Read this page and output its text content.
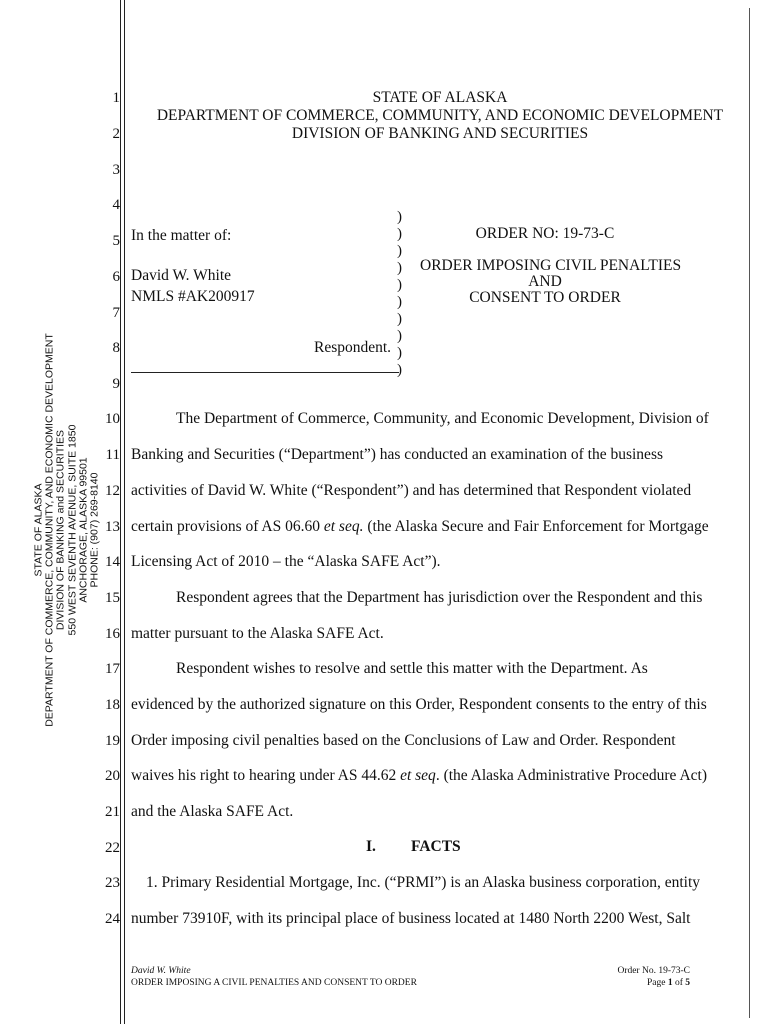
STATE OF ALASKA DEPARTMENT OF COMMERCE, COMMUNITY, AND ECONOMIC DEVELOPMENT DIVISION OF BANKING and SECURITIES 550 WEST SEVENTH AVENUE, SUITE 1850 ANCHORAGE, ALASKA 99501 PHONE: (907) 269-8140
1
2
3
4
5
6
7
8
9
10
11
12
13
14
15
16
17
18
19
20
21
22
23
24
STATE OF ALASKA
DEPARTMENT OF COMMERCE, COMMUNITY, AND ECONOMIC DEVELOPMENT
DIVISION OF BANKING AND SECURITIES
In the matter of:
David W. White
NMLS #AK200917
Respondent.
)
)
)
)
)
)
)
)
)
)
ORDER NO: 19-73-C
ORDER IMPOSING CIVIL PENALTIES
AND
CONSENT TO ORDER
The Department of Commerce, Community, and Economic Development, Division of
Banking and Securities (“Department”) has conducted an examination of the business
activities of David W. White (“Respondent”) and has determined that Respondent violated
certain provisions of AS 06.60 et seq. (the Alaska Secure and Fair Enforcement for Mortgage
Licensing Act of 2010 – the “Alaska SAFE Act”).
Respondent agrees that the Department has jurisdiction over the Respondent and this
matter pursuant to the Alaska SAFE Act.
Respondent wishes to resolve and settle this matter with the Department. As
evidenced by the authorized signature on this Order, Respondent consents to the entry of this
Order imposing civil penalties based on the Conclusions of Law and Order. Respondent
waives his right to hearing under AS 44.62 et seq. (the Alaska Administrative Procedure Act)
and the Alaska SAFE Act.
I. FACTS
1. Primary Residential Mortgage, Inc. (“PRMI”) is an Alaska business corporation, entity
number 73910F, with its principal place of business located at 1480 North 2200 West, Salt
David W. White
ORDER IMPOSING A CIVIL PENALTIES AND CONSENT TO ORDER
Order No. 19-73-C
Page 1 of 5
